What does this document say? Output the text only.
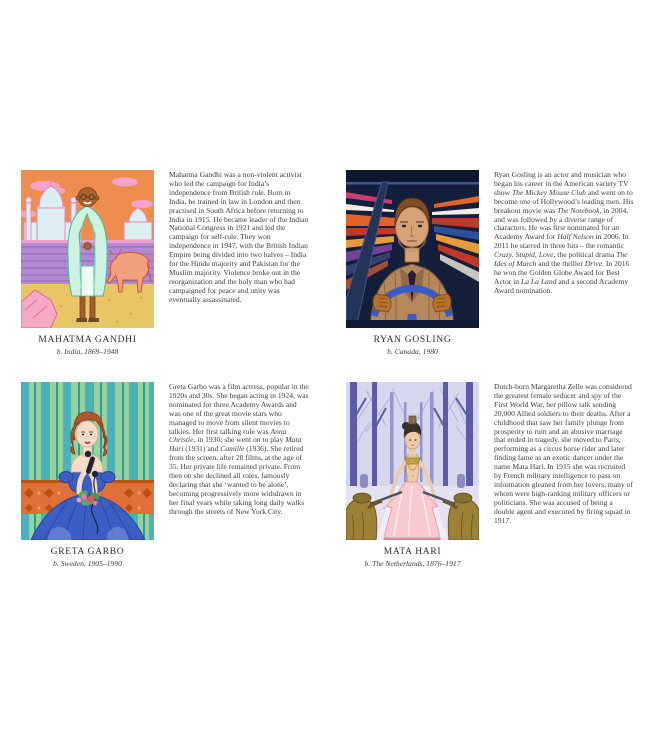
MAHATMA GANDHI

b. India, 1869–1948

Mahatma Gandhi was a non-violent activist who led the campaign for India’s independence from British rule. Born in India, he trained in law in London and then practised in South Africa before returning to India in 1915. He became leader of the Indian National Congress in 1921 and led the campaign for self-rule. They won independence in 1947, with the British Indian Empire being divided into two halves – India for the Hindu majority and Pakistan for the Muslim majority. Violence broke out in the reorganization and the holy man who had campaigned for peace and unity was eventually assassinated.

RYAN GOSLING

b. Canada, 1980

Ryan Gosling is an actor and musician who began his career in the American variety TV show The Mickey Mouse Club and went on to become one of Hollywood’s leading men. His breakout movie was The Notebook, in 2004, and was followed by a diverse range of characters. He was first nominated for an Academy Award for Half Nelson in 2006. In 2011 he starred in three hits – the romantic Crazy, Stupid, Love, the political drama The Ides of March and the thriller Drive. In 2016 he won the Golden Globe Award for Best Actor in La La Land and a second Academy Award nomination.

GRETA GARBO

b. Sweden, 1905–1990

Greta Garbo was a film actress, popular in the 1920s and 30s. She began acting in 1924, was nominated for three Academy Awards and was one of the great movie stars who managed to move from silent movies to talkies. Her first talking role was Anna Christie, in 1930; she went on to play Mata Hari (1931) and Camille (1936). She retired from the screen, after 28 films, at the age of 35. Her private life remained private. From then on she declined all roles, famously declaring that she ‘wanted to be alone’, becoming progressively more withdrawn in her final years while taking long daily walks through the streets of New York City.

MATA HARI

b. The Netherlands, 1876–1917

Dutch-born Margaretha Zelle was considered the greatest female seducer and spy of the First World War, her pillow talk sending 20,000 Allied soldiers to their deaths. After a childhood that saw her family plunge from prosperity to ruin and an abusive marriage that ended in tragedy, she moved to Paris, performing as a circus horse rider and later finding fame as an exotic dancer under the name Mata Hari. In 1915 she was recruited by French military intelligence to pass on information gleaned from her lovers, many of whom were high-ranking military officers or politicians. She was accused of being a double agent and executed by firing squad in 1917.
